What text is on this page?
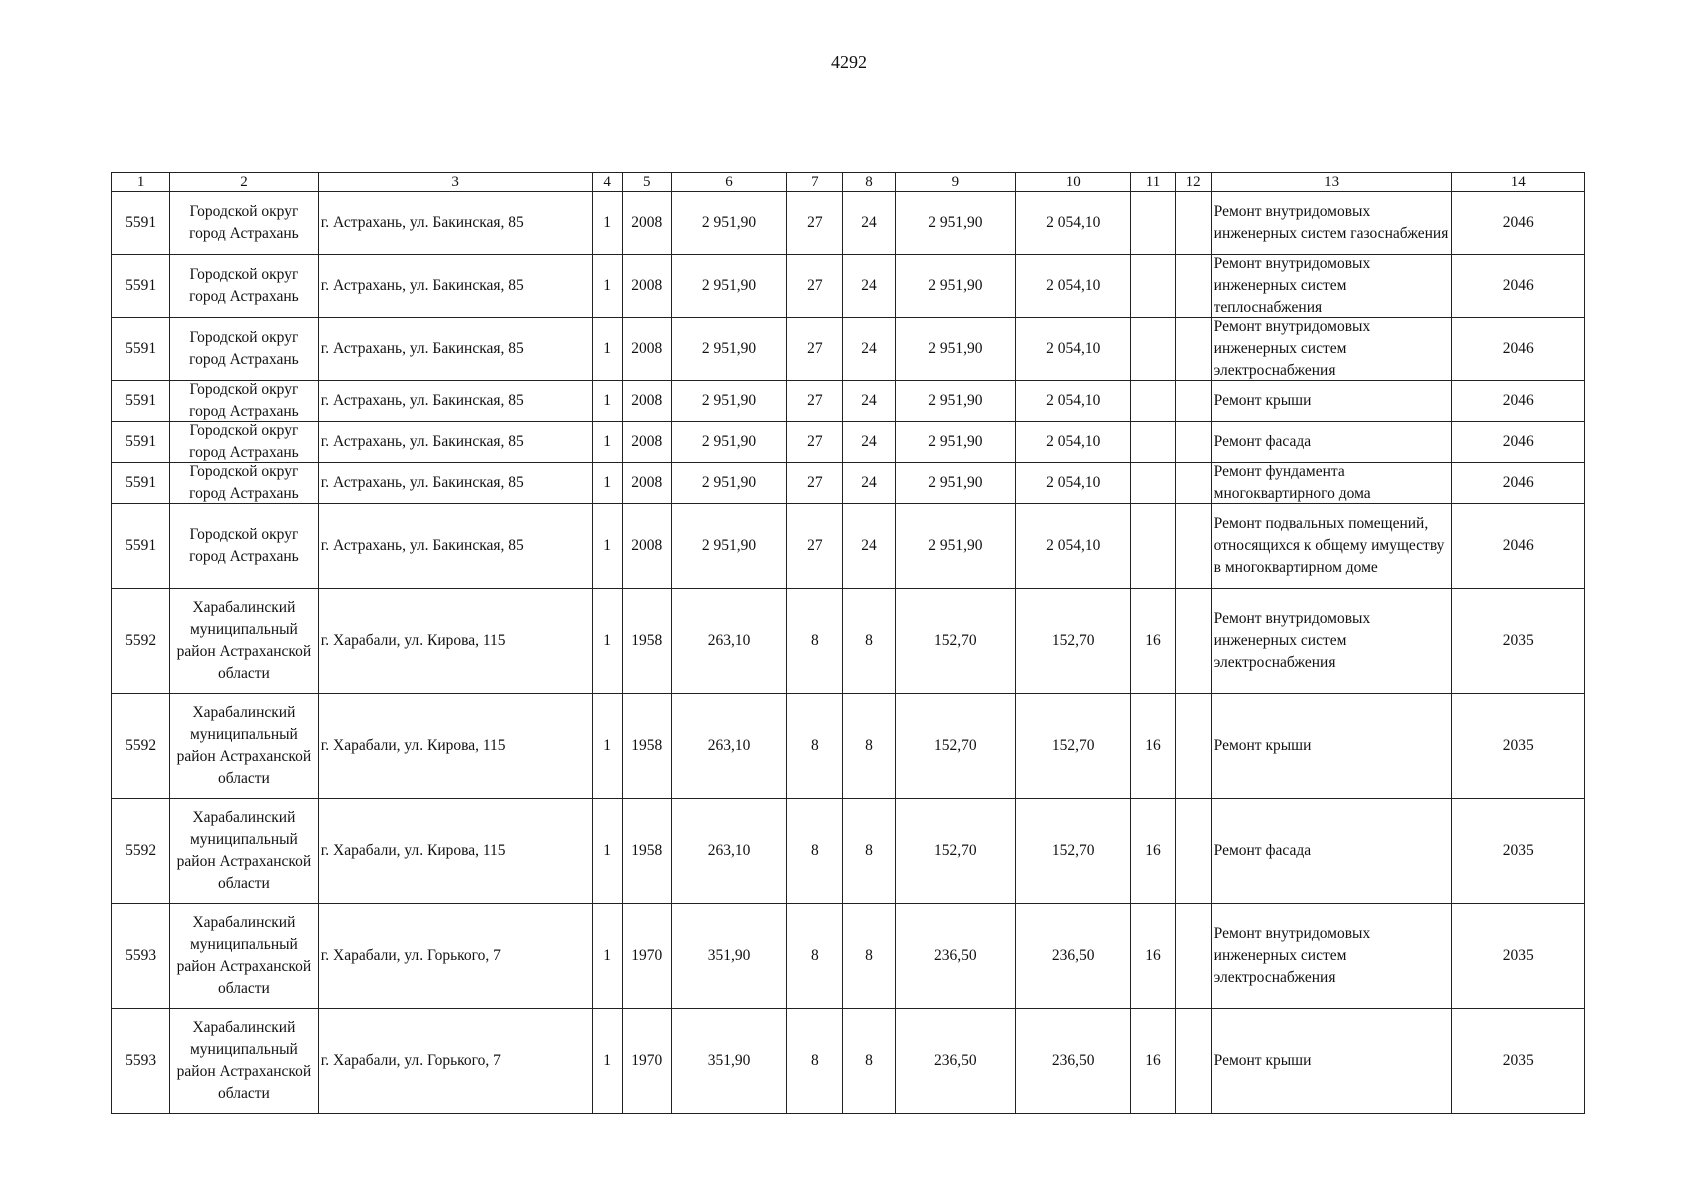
4292
1	2	3	4	5	6	7	8	9	10	11	12	13	14

5591	Городской округ город Астрахань	г. Астрахань, ул. Бакинская, 85	1	2008	2 951,90	27	24	2 951,90	2 054,10			Ремонт внутридомовых инженерных систем газоснабжения	2046

5591	Городской округ город Астрахань	г. Астрахань, ул. Бакинская, 85	1	2008	2 951,90	27	24	2 951,90	2 054,10			Ремонт внутридомовых инженерных систем теплоснабжения	2046

5591	Городской округ город Астрахань	г. Астрахань, ул. Бакинская, 85	1	2008	2 951,90	27	24	2 951,90	2 054,10			Ремонт внутридомовых инженерных систем электроснабжения	2046

5591	Городской округ город Астрахань	г. Астрахань, ул. Бакинская, 85	1	2008	2 951,90	27	24	2 951,90	2 054,10			Ремонт крыши	2046

5591	Городской округ город Астрахань	г. Астрахань, ул. Бакинская, 85	1	2008	2 951,90	27	24	2 951,90	2 054,10			Ремонт фасада	2046

5591	Городской округ город Астрахань	г. Астрахань, ул. Бакинская, 85	1	2008	2 951,90	27	24	2 951,90	2 054,10			Ремонт фундамента многоквартирного дома	2046

5591	Городской округ город Астрахань	г. Астрахань, ул. Бакинская, 85	1	2008	2 951,90	27	24	2 951,90	2 054,10			Ремонт подвальных помещений, относящихся к общему имуществу в многоквартирном доме	2046

5592	Харабалинский муниципальный район Астраханской области	г. Харабали, ул. Кирова, 115	1	1958	263,10	8	8	152,70	152,70	16		Ремонт внутридомовых инженерных систем электроснабжения	2035

5592	Харабалинский муниципальный район Астраханской области	г. Харабали, ул. Кирова, 115	1	1958	263,10	8	8	152,70	152,70	16		Ремонт крыши	2035

5592	Харабалинский муниципальный район Астраханской области	г. Харабали, ул. Кирова, 115	1	1958	263,10	8	8	152,70	152,70	16		Ремонт фасада	2035

5593	Харабалинский муниципальный район Астраханской области	г. Харабали, ул. Горького, 7	1	1970	351,90	8	8	236,50	236,50	16		Ремонт внутридомовых инженерных систем электроснабжения	2035

5593	Харабалинский муниципальный район Астраханской области	г. Харабали, ул. Горького, 7	1	1970	351,90	8	8	236,50	236,50	16		Ремонт крыши	2035
